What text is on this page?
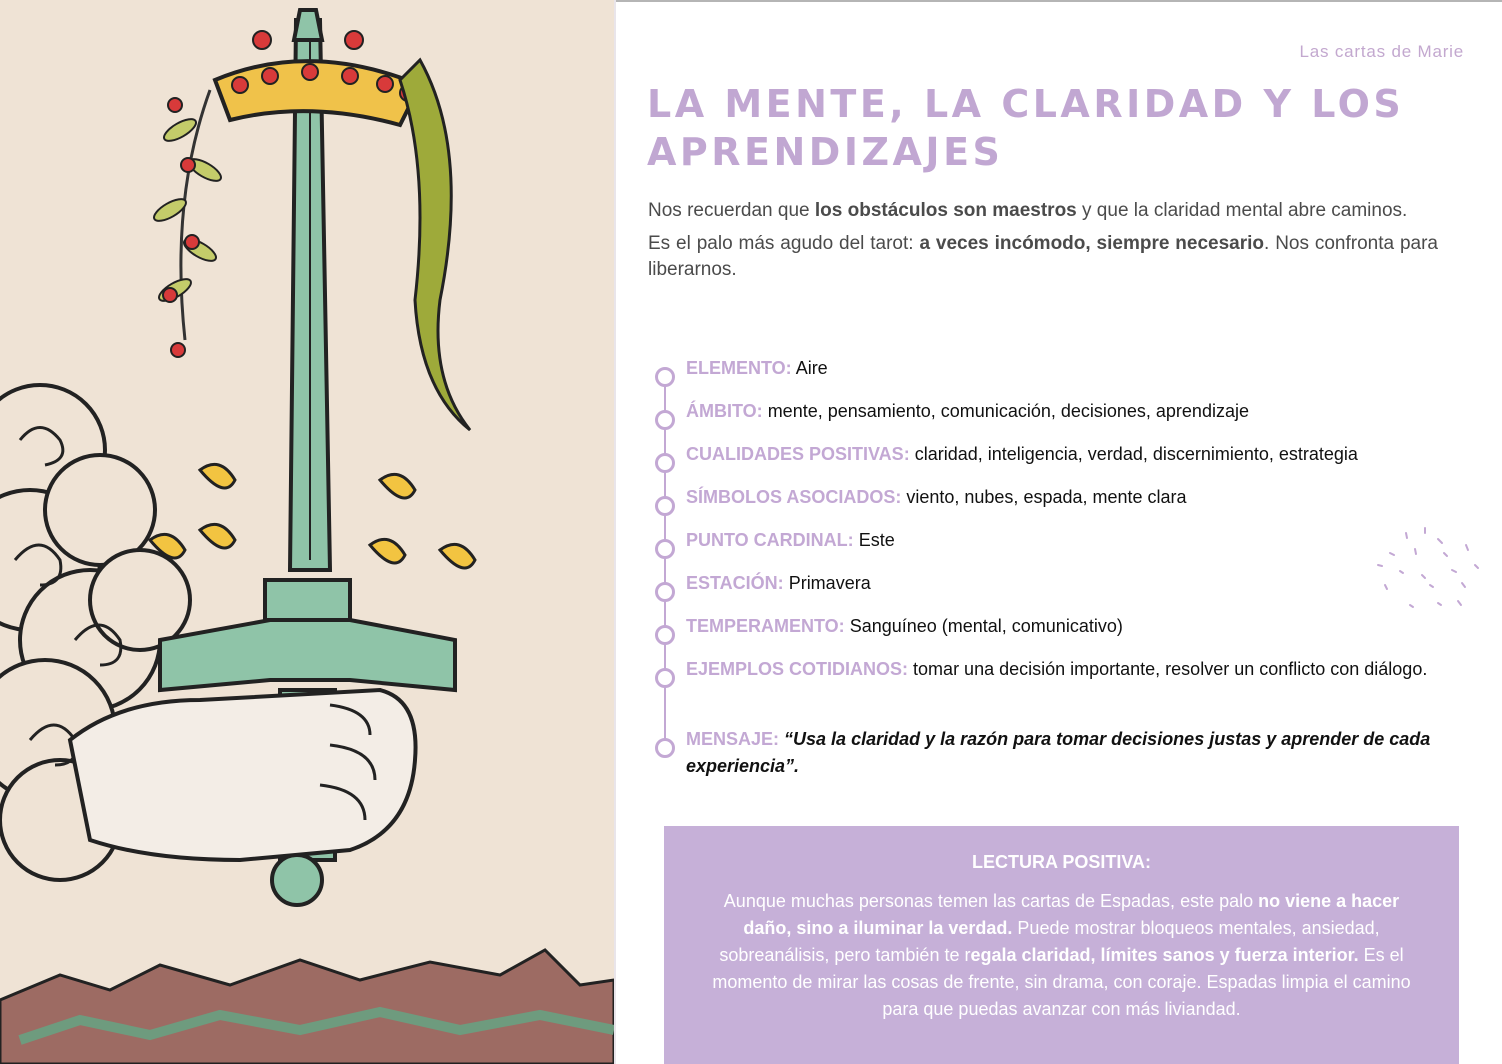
Las cartas de Marie
LA MENTE, LA CLARIDAD Y LOS APRENDIZAJES

Nos recuerdan que los obstáculos son maestros y que la claridad mental abre caminos.

Es el palo más agudo del tarot: a veces incómodo, siempre necesario. Nos confronta para liberarnos.

ELEMENTO: Aire
ÁMBITO: mente, pensamiento, comunicación, decisiones, aprendizaje
CUALIDADES POSITIVAS: claridad, inteligencia, verdad, discernimiento, estrategia
SÍMBOLOS ASOCIADOS: viento, nubes, espada, mente clara
PUNTO CARDINAL: Este
ESTACIÓN: Primavera
TEMPERAMENTO: Sanguíneo (mental, comunicativo)
EJEMPLOS COTIDIANOS: tomar una decisión importante, resolver un conflicto con diálogo.
MENSAJE: “Usa la claridad y la razón para tomar decisiones justas y aprender de cada experiencia”.
LECTURA POSITIVA:
Aunque muchas personas temen las cartas de Espadas, este palo no viene a hacer daño, sino a iluminar la verdad. Puede mostrar bloqueos mentales, ansiedad, sobreanálisis, pero también te regala claridad, límites sanos y fuerza interior. Es el momento de mirar las cosas de frente, sin drama, con coraje. Espadas limpia el camino para que puedas avanzar con más liviandad.
